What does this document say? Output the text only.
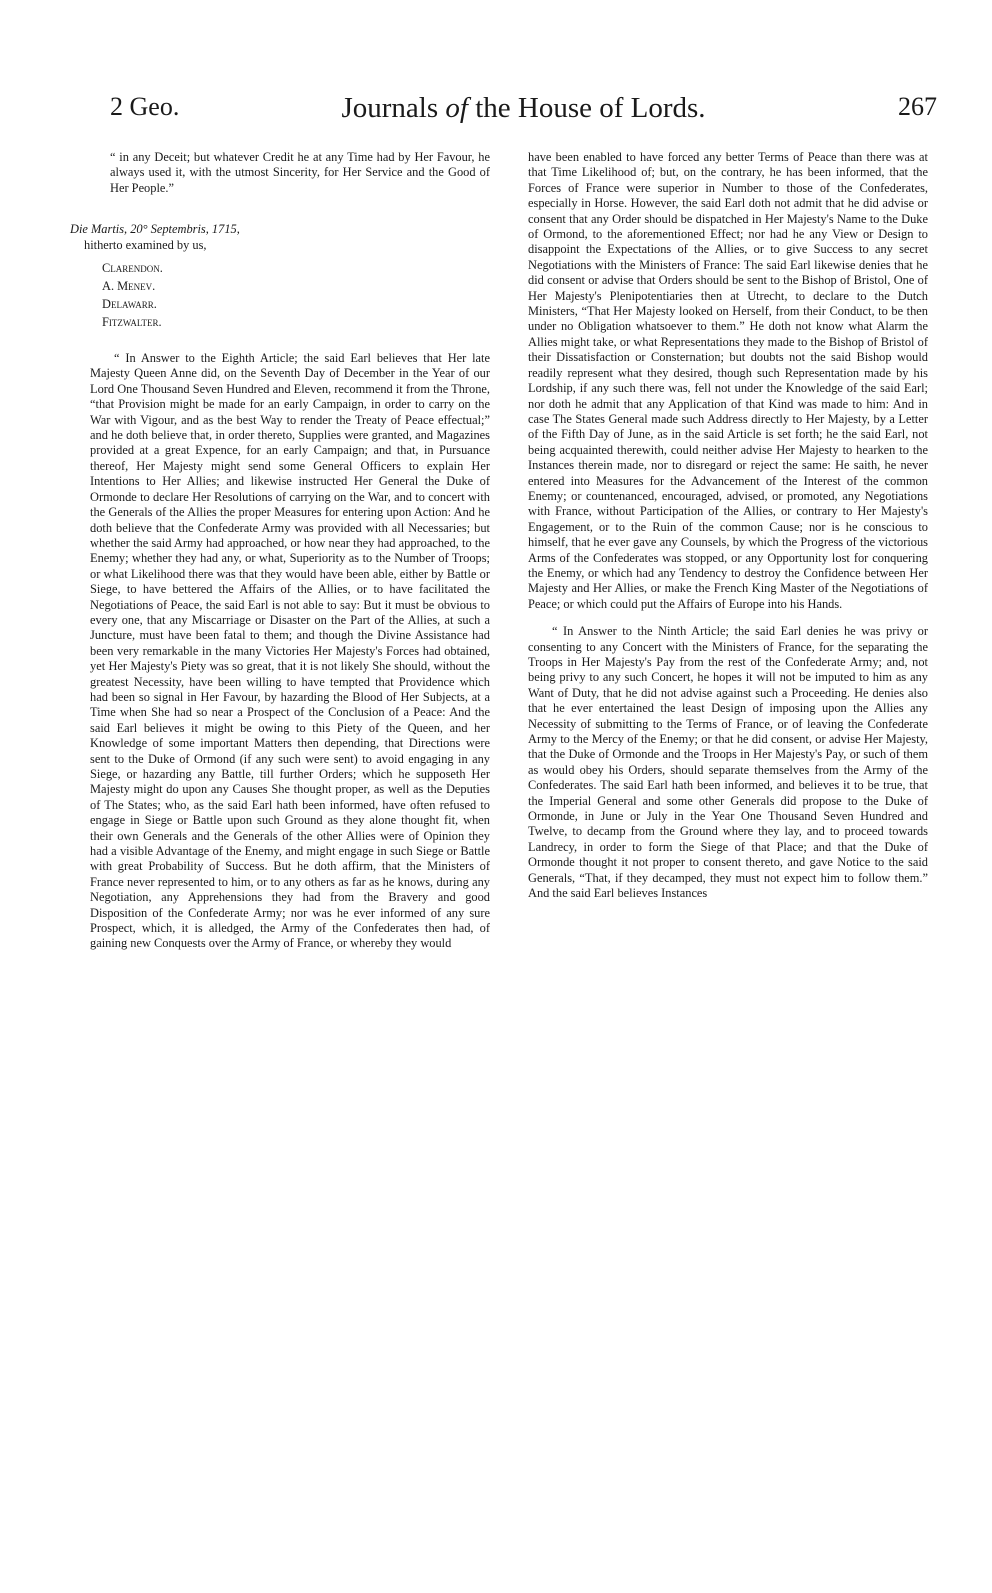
2 Geo.	Journals of the House of Lords.	267

“ in any Deceit; but whatever Credit he at any Time had by Her Favour, he always used it, with the utmost Sincerity, for Her Service and the Good of Her People.”

Die Martis, 20° Septembris, 1715,
hitherto examined by us,
Clarendon.
A. Menev.
Delawarr.
Fitzwalter.

“ In Answer to the Eighth Article; the said Earl believes that Her late Majesty Queen Anne did, on the Seventh Day of December in the Year of our Lord One Thousand Seven Hundred and Eleven, recommend it from the Throne, “that Provision might be made for an early Campaign, in order to carry on the War with Vigour, and as the best Way to render the Treaty of Peace effectual;” and he doth believe that, in order thereto, Supplies were granted, and Magazines provided at a great Expence, for an early Campaign; and that, in Pursuance thereof, Her Majesty might send some General Officers to explain Her Intentions to Her Allies; and likewise instructed Her General the Duke of Ormonde to declare Her Resolutions of carrying on the War, and to concert with the Generals of the Allies the proper Measures for entering upon Action: And he doth believe that the Confederate Army was provided with all Necessaries; but whether the said Army had approached, or how near they had approached, to the Enemy; whether they had any, or what, Superiority as to the Number of Troops; or what Likelihood there was that they would have been able, either by Battle or Siege, to have bettered the Affairs of the Allies, or to have facilitated the Negotiations of Peace, the said Earl is not able to say: But it must be obvious to every one, that any Miscarriage or Disaster on the Part of the Allies, at such a Juncture, must have been fatal to them; and though the Divine Assistance had been very remarkable in the many Victories Her Majesty's Forces had obtained, yet Her Majesty's Piety was so great, that it is not likely She should, without the greatest Necessity, have been willing to have tempted that Providence which had been so signal in Her Favour, by hazarding the Blood of Her Subjects, at a Time when She had so near a Prospect of the Conclusion of a Peace: And the said Earl believes it might be owing to this Piety of the Queen, and her Knowledge of some important Matters then depending, that Directions were sent to the Duke of Ormond (if any such were sent) to avoid engaging in any Siege, or hazarding any Battle, till further Orders; which he supposeth Her Majesty might do upon any Causes She thought proper, as well as the Deputies of The States; who, as the said Earl hath been informed, have often refused to engage in Siege or Battle upon such Ground as they alone thought fit, when their own Generals and the Generals of the other Allies were of Opinion they had a visible Advantage of the Enemy, and might engage in such Siege or Battle with great Probability of Success. But he doth affirm, that the Ministers of France never represented to him, or to any others as far as he knows, during any Negotiation, any Apprehensions they had from the Bravery and good Disposition of the Confederate Army; nor was he ever informed of any sure Prospect, which, it is alledged, the Army of the Confederates then had, of gaining new Conquests over the Army of France, or whereby they would

have been enabled to have forced any better Terms of Peace than there was at that Time Likelihood of; but, on the contrary, he has been informed, that the Forces of France were superior in Number to those of the Confederates, especially in Horse. However, the said Earl doth not admit that he did advise or consent that any Order should be dispatched in Her Majesty's Name to the Duke of Ormond, to the aforementioned Effect; nor had he any View or Design to disappoint the Expectations of the Allies, or to give Success to any secret Negotiations with the Ministers of France: The said Earl likewise denies that he did consent or advise that Orders should be sent to the Bishop of Bristol, One of Her Majesty's Plenipotentiaries then at Utrecht, to declare to the Dutch Ministers, “That Her Majesty looked on Herself, from their Conduct, to be then under no Obligation whatsoever to them.” He doth not know what Alarm the Allies might take, or what Representations they made to the Bishop of Bristol of their Dissatisfaction or Consternation; but doubts not the said Bishop would readily represent what they desired, though such Representation made by his Lordship, if any such there was, fell not under the Knowledge of the said Earl; nor doth he admit that any Application of that Kind was made to him: And in case The States General made such Address directly to Her Majesty, by a Letter of the Fifth Day of June, as in the said Article is set forth; he the said Earl, not being acquainted therewith, could neither advise Her Majesty to hearken to the Instances therein made, nor to disregard or reject the same: He saith, he never entered into Measures for the Advancement of the Interest of the common Enemy; or countenanced, encouraged, advised, or promoted, any Negotiations with France, without Participation of the Allies, or contrary to Her Majesty's Engagement, or to the Ruin of the common Cause; nor is he conscious to himself, that he ever gave any Counsels, by which the Progress of the victorious Arms of the Confederates was stopped, or any Opportunity lost for conquering the Enemy, or which had any Tendency to destroy the Confidence between Her Majesty and Her Allies, or make the French King Master of the Negotiations of Peace; or which could put the Affairs of Europe into his Hands.

“ In Answer to the Ninth Article; the said Earl denies he was privy or consenting to any Concert with the Ministers of France, for the separating the Troops in Her Majesty's Pay from the rest of the Confederate Army; and, not being privy to any such Concert, he hopes it will not be imputed to him as any Want of Duty, that he did not advise against such a Proceeding. He denies also that he ever entertained the least Design of imposing upon the Allies any Necessity of submitting to the Terms of France, or of leaving the Confederate Army to the Mercy of the Enemy; or that he did consent, or advise Her Majesty, that the Duke of Ormonde and the Troops in Her Majesty's Pay, or such of them as would obey his Orders, should separate themselves from the Army of the Confederates. The said Earl hath been informed, and believes it to be true, that the Imperial General and some other Generals did propose to the Duke of Ormonde, in June or July in the Year One Thousand Seven Hundred and Twelve, to decamp from the Ground where they lay, and to proceed towards Landrecy, in order to form the Siege of that Place; and that the Duke of Ormonde thought it not proper to consent thereto, and gave Notice to the said Generals, “That, if they decamped, they must not expect him to follow them.” And the said Earl believes Instances
